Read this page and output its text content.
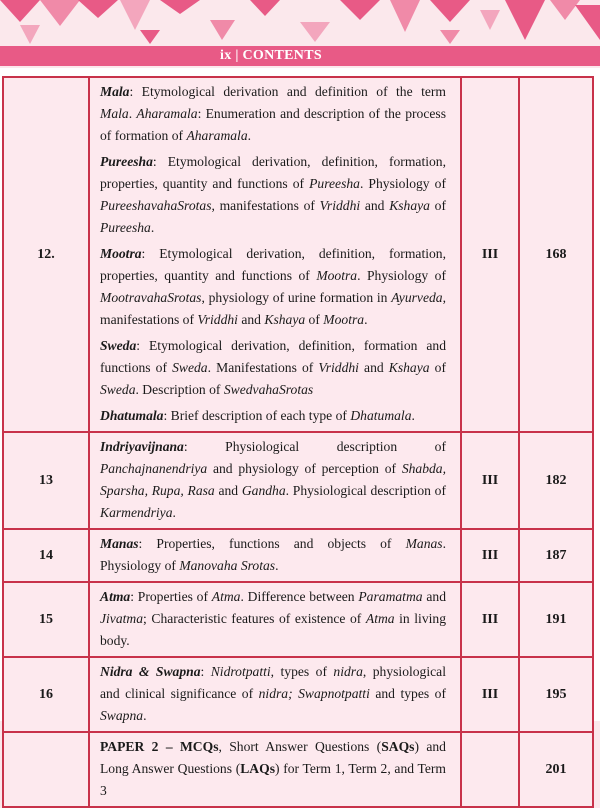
ix | CONTENTS
12.	Mala: Etymological derivation and definition of the term Mala. Aharamala: Enumeration and description of the process of formation of Aharamala.
Pureesha: Etymological derivation, definition, formation, properties, quantity and functions of Pureesha. Physiology of PureeshavahaSrotas, manifestations of Vriddhi and Kshaya of Pureesha.
Mootra: Etymological derivation, definition, formation, properties, quantity and functions of Mootra. Physiology of MootravahaSrotas, physiology of urine formation in Ayurveda, manifestations of Vriddhi and Kshaya of Mootra.
Sweda: Etymological derivation, definition, formation and functions of Sweda. Manifestations of Vriddhi and Kshaya of Sweda. Description of SwedvahaSrotas
Dhatumala: Brief description of each type of Dhatumala.	III	168
13	Indriyavijnana: Physiological description of Panchajnanendriya and physiology of perception of Shabda, Sparsha, Rupa, Rasa and Gandha. Physiological description of Karmendriya.	III	182
14	Manas: Properties, functions and objects of Manas. Physiology of Manovaha Srotas.	III	187
15	Atma: Properties of Atma. Difference between Paramatma and Jivatma; Characteristic features of existence of Atma in living body.	III	191
16	Nidra & Swapna: Nidrotpatti, types of nidra, physiological and clinical significance of nidra; Swapnotpatti and types of Swapna.	III	195

	PAPER 2 – MCQs, Short Answer Questions (SAQs) and Long Answer Questions (LAQs) for Term 1, Term 2, and Term 3		201
